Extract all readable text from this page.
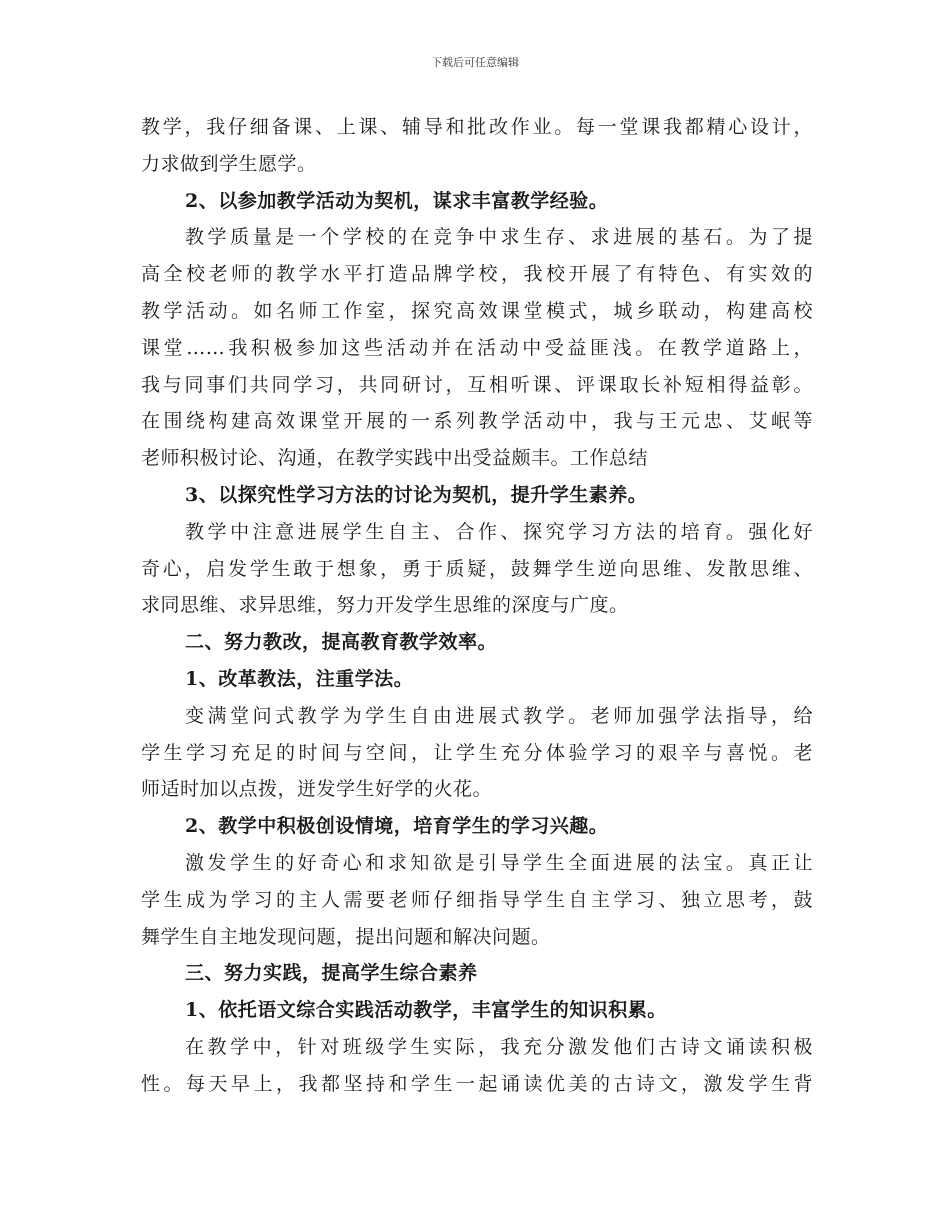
下载后可任意编辑
教学，我仔细备课、上课、辅导和批改作业。每一堂课我都精心设计，
力求做到学生愿学。
2、以参加教学活动为契机，谋求丰富教学经验。
教学质量是一个学校的在竞争中求生存、求进展的基石。为了提
高全校老师的教学水平打造品牌学校，我校开展了有特色、有实效的
教学活动。如名师工作室，探究高效课堂模式，城乡联动，构建高校
课堂……我积极参加这些活动并在活动中受益匪浅。在教学道路上，
我与同事们共同学习，共同研讨，互相听课、评课取长补短相得益彰。
在围绕构建高效课堂开展的一系列教学活动中，我与王元忠、艾岷等
老师积极讨论、沟通，在教学实践中出受益颇丰。工作总结
3、以探究性学习方法的讨论为契机，提升学生素养。
教学中注意进展学生自主、合作、探究学习方法的培育。强化好
奇心，启发学生敢于想象，勇于质疑，鼓舞学生逆向思维、发散思维、
求同思维、求异思维，努力开发学生思维的深度与广度。
二、努力教改，提高教育教学效率。
1、改革教法，注重学法。
变满堂问式教学为学生自由进展式教学。老师加强学法指导，给
学生学习充足的时间与空间，让学生充分体验学习的艰辛与喜悦。老
师适时加以点拨，迸发学生好学的火花。
2、教学中积极创设情境，培育学生的学习兴趣。
激发学生的好奇心和求知欲是引导学生全面进展的法宝。真正让
学生成为学习的主人需要老师仔细指导学生自主学习、独立思考，鼓
舞学生自主地发现问题，提出问题和解决问题。
三、努力实践，提高学生综合素养
1、依托语文综合实践活动教学，丰富学生的知识积累。
在教学中，针对班级学生实际，我充分激发他们古诗文诵读积极
性。每天早上，我都坚持和学生一起诵读优美的古诗文，激发学生背
